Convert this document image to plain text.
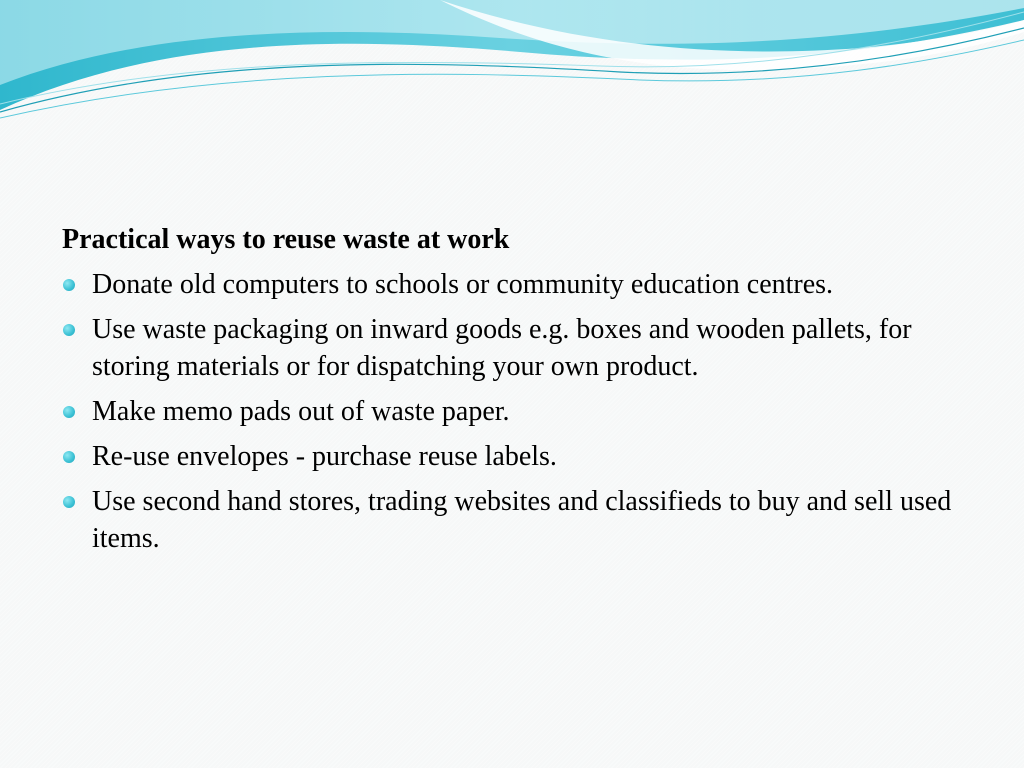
Practical ways to reuse waste at work

Donate old computers to schools or community education centres.
Use waste packaging on inward goods e.g. boxes and wooden pallets, for storing materials or for dispatching your own product.
Make memo pads out of waste paper.
Re-use envelopes - purchase reuse labels.
Use second hand stores, trading websites and classifieds to buy and sell used items.
